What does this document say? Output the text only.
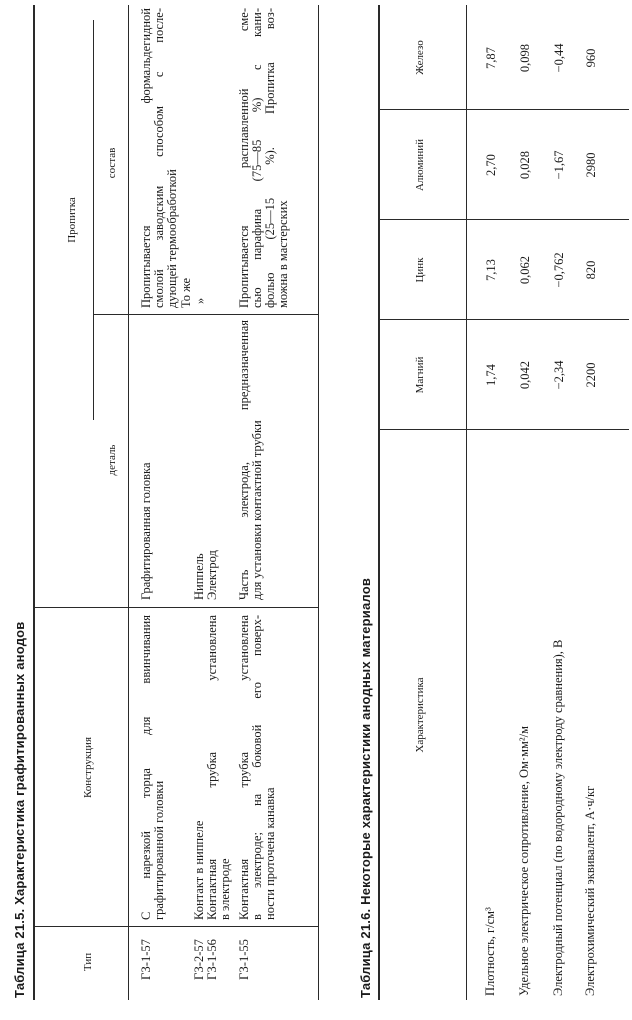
Таблица 21.5. Характеристика графитированных анодов	Тип
Конструкция
Пропитка
деталь
состав
ГЗ-1-57
С нарезкой торца для ввинчивания графитированной головки
Графитированная головка
Пропитывается формальдегидной смолой заводским способом с после- дующей термообработкой
ГЗ-2-57
Контакт в ниппеле
Ниппель
То же
ГЗ-1-56
Контактная трубка установлена в электроде
Электрод
»
ГЗ-1-55
Контактная трубка установлена в электроде; на боковой его поверх- ности проточена канавка
Часть электрода, предназначенная для установки контактной трубки
Пропитывается расплавленной сме- сью парафина (75—85 %) с кани- фолью (25—15 %). Пропитка воз- можна в мастерских
Таблица 21.6. Некоторые характеристики анодных материалов	Характеристика
Магний
Цинк
Алюминий
Железо
Плотность, г/см³
1,74
7,13
2,70
7,87
Удельное электрическое сопротивление, Ом·мм²/м
0,042
0,062
0,028
0,098
Электродный потенциал (по водородному электроду сравнения), В
−2,34
−0,762
−1,67
−0,44
Электрохимический эквивалент, А·ч/кг
2200
820
2980
960
